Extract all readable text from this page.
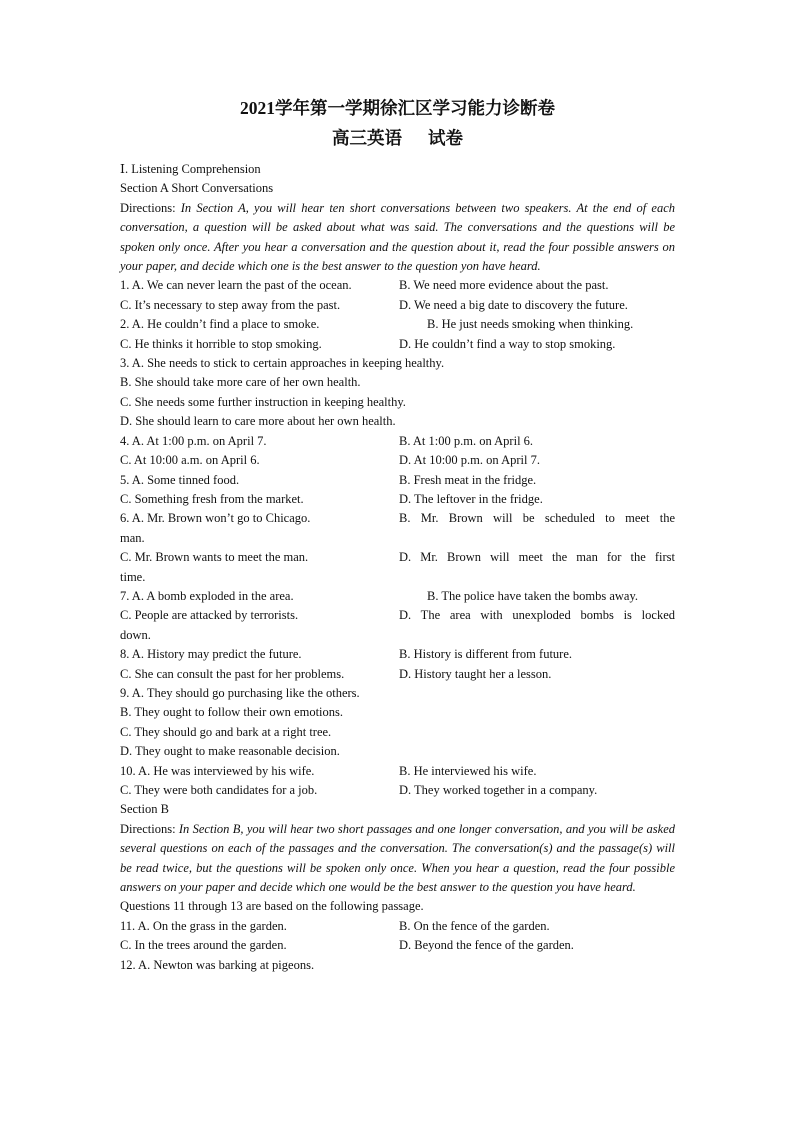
2021学年第一学期徐汇区学习能力诊断卷

高三英语 试卷

Ⅰ. Listening Comprehension

Section A Short Conversations

Directions: In Section A, you will hear ten short conversations between two speakers. At the end of each conversation, a question will be asked about what was said. The conversations and the questions will be spoken only once. After you hear a conversation and the question about it, read the four possible answers on your paper, and decide which one is the best answer to the question yon have heard.

1. A. We can never learn the past of the ocean.	B. We need more evidence about the past.
C. It’s necessary to step away from the past.	D. We need a big date to discovery the future.
2. A. He couldn’t find a place to smoke.	B. He just needs smoking when thinking.
C. He thinks it horrible to stop smoking.	D. He couldn’t find a way to stop smoking.

3. A. She needs to stick to certain approaches in keeping healthy.

B. She should take more care of her own health.

C. She needs some further instruction in keeping healthy.

D. She should learn to care more about her own health.

4. A. At 1:00 p.m. on April 7.	B. At 1:00 p.m. on April 6.
C. At 10:00 a.m. on April 6.	D. At 10:00 p.m. on April 7.
5. A. Some tinned food.	B. Fresh meat in the fridge.
C. Something fresh from the market.	D. The leftover in the fridge.
6. A. Mr. Brown won’t go to Chicago.	B. Mr. Brown will be scheduled to meet the

man.

C. Mr. Brown wants to meet the man.	D. Mr. Brown will meet the man for the first

time.

7. A. A bomb exploded in the area.	B. The police have taken the bombs away.
C. People are attacked by terrorists.	D. The area with unexploded bombs is locked

down.

8. A. History may predict the future.	B. History is different from future.
C. She can consult the past for her problems.	D. History taught her a lesson.

9. A. They should go purchasing like the others.

B. They ought to follow their own emotions.

C. They should go and bark at a right tree.

D. They ought to make reasonable decision.

10. A. He was interviewed by his wife.	B. He interviewed his wife.
C. They were both candidates for a job.	D. They worked together in a company.

Section B

Directions: In Section B, you will hear two short passages and one longer conversation, and you will be asked several questions on each of the passages and the conversation. The conversation(s) and the passage(s) will be read twice, but the questions will be spoken only once. When you hear a question, read the four possible answers on your paper and decide which one would be the best answer to the question you have heard.

Questions 11 through 13 are based on the following passage.

11. A. On the grass in the garden.	B. On the fence of the garden.
C. In the trees around the garden.	D. Beyond the fence of the garden.

12. A. Newton was barking at pigeons.
